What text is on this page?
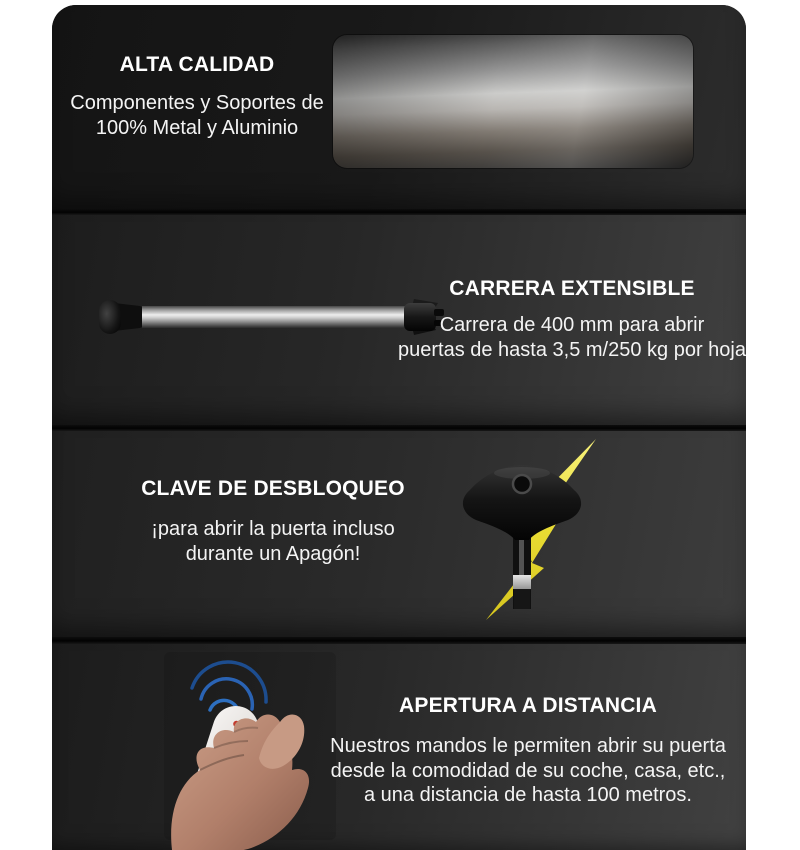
ALTA CALIDAD
Componentes y Soportes de
100% Metal y Aluminio
CARRERA EXTENSIBLE
Carrera de 400 mm para abrir
puertas de hasta 3,5 m/250 kg por hoja
CLAVE DE DESBLOQUEO
¡para abrir la puerta incluso
durante un Apagón!
APERTURA A DISTANCIA
Nuestros mandos le permiten abrir su puerta
desde la comodidad de su coche, casa, etc.,
a una distancia de hasta 100 metros.
